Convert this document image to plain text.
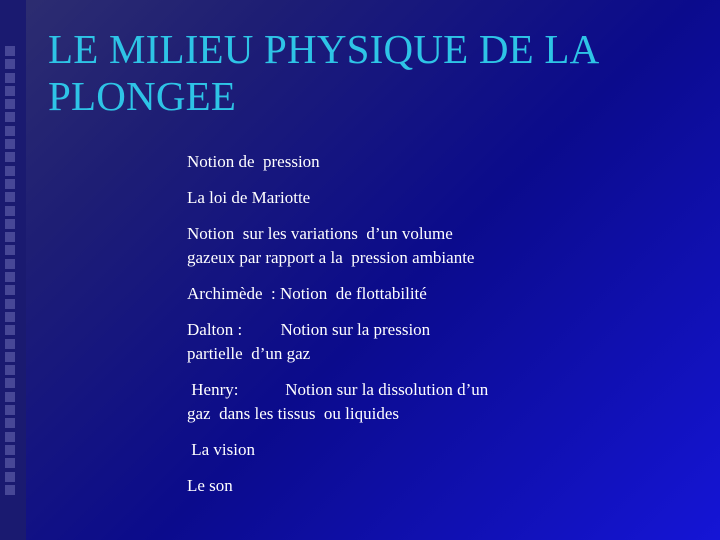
LE MILIEU PHYSIQUE DE LA PLONGEE
Notion de  pression
La loi de Mariotte
Notion  sur les variations  d’un volume
gazeux par rapport a la  pression ambiante
Archimède  : Notion  de flottabilité
Dalton :         Notion sur la pression
partielle  d’un gaz
Henry:           Notion sur la dissolution d’un
gaz  dans les tissus  ou liquides
La vision
Le son
